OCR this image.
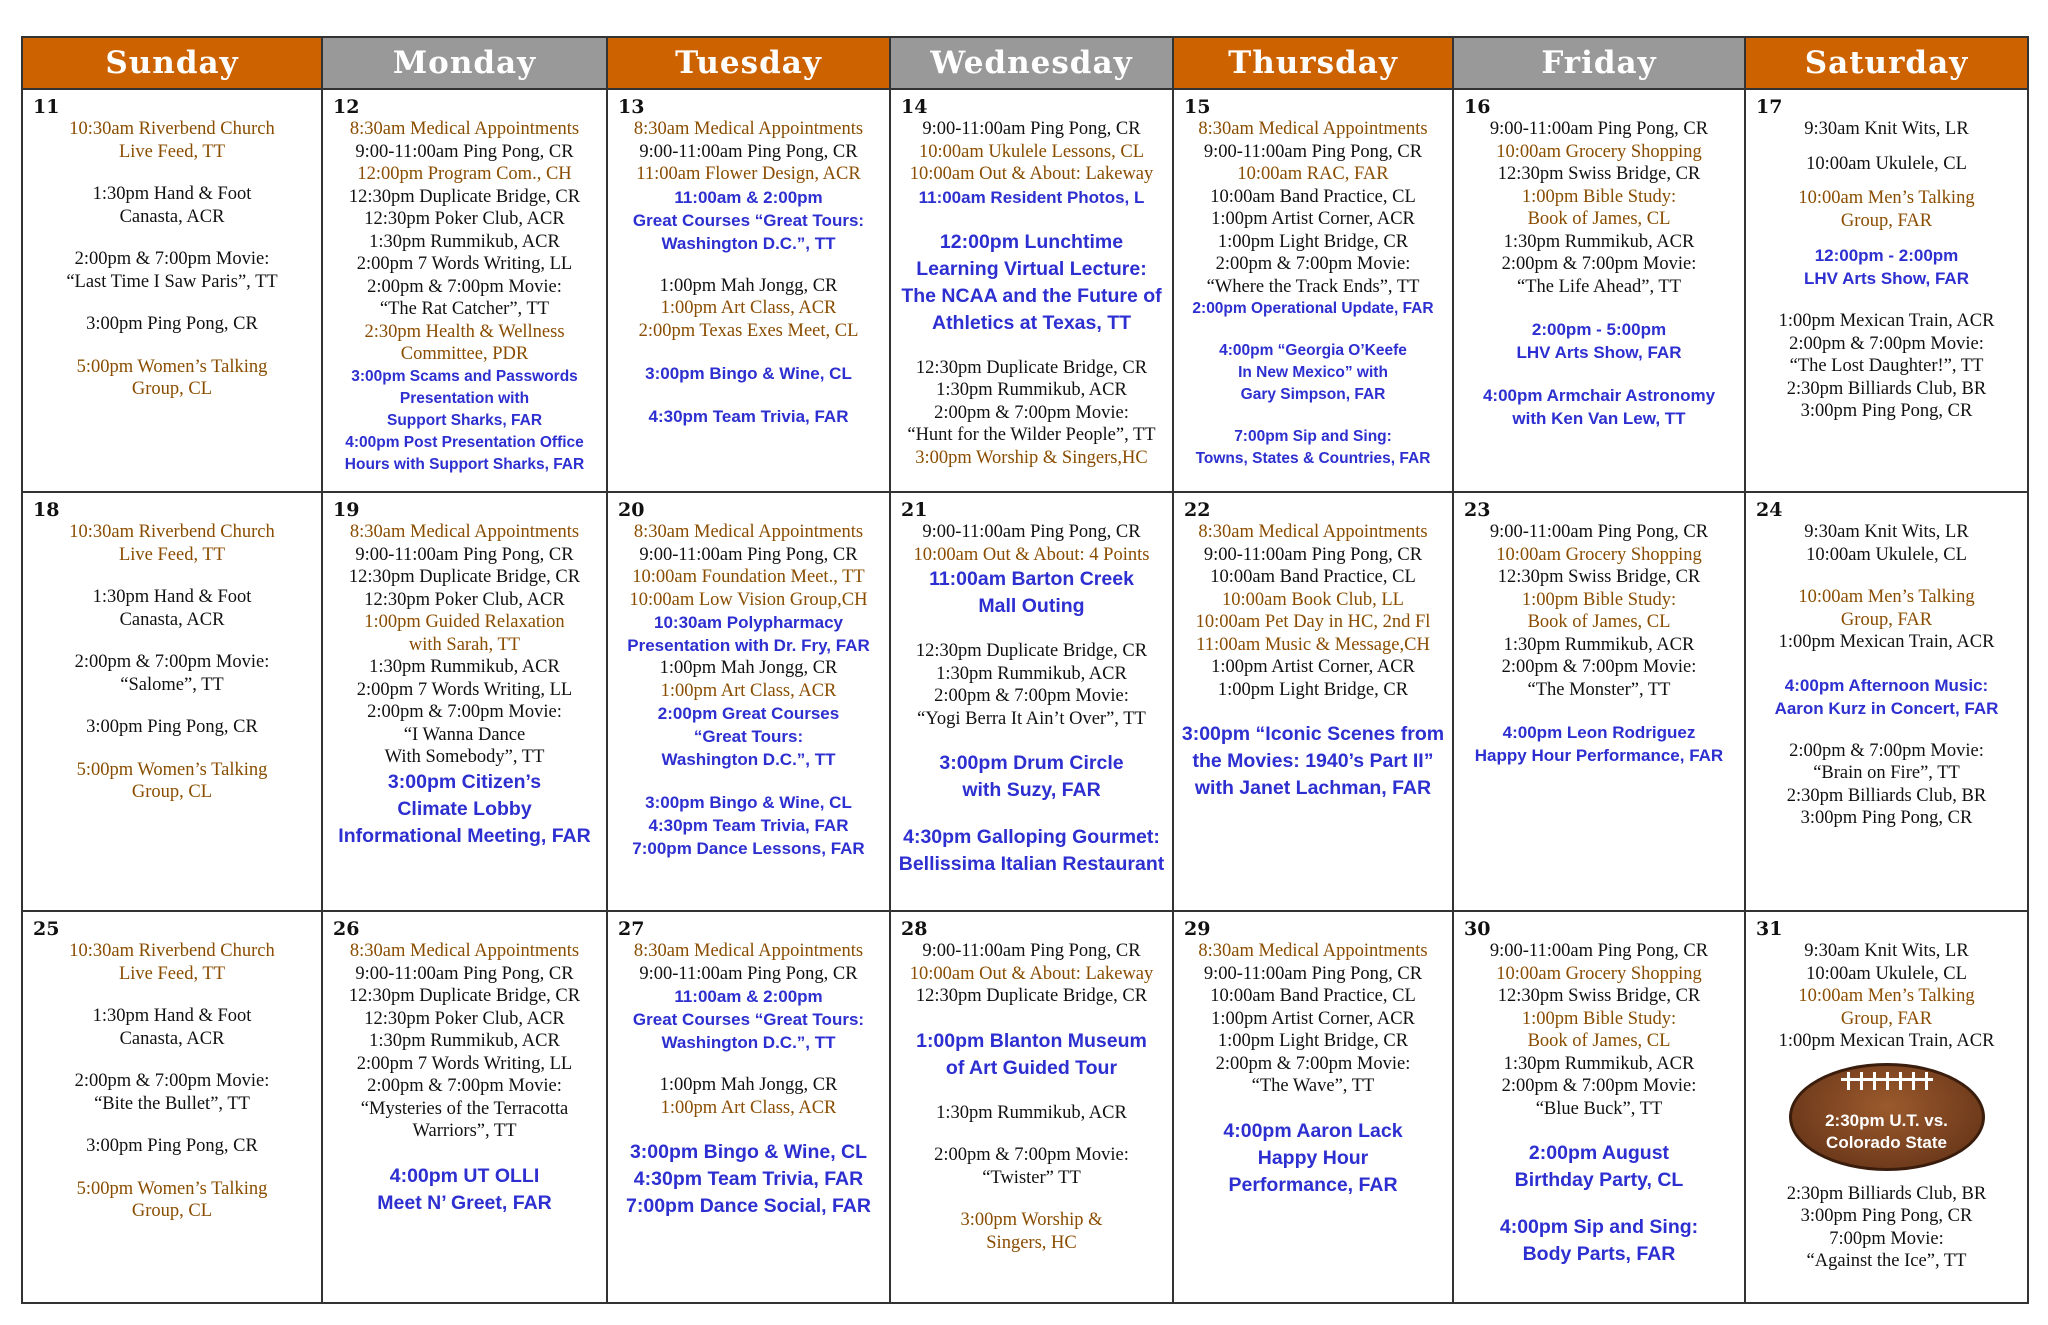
Sunday	Monday	Tuesday	Wednesday	Thursday	Friday	Saturday
11
10:30am Riverbend Church
Live Feed, TT
1:30pm Hand & Foot
Canasta, ACR
2:00pm & 7:00pm Movie:
“Last Time I Saw Paris”, TT
3:00pm Ping Pong, CR
5:00pm Women’s Talking
Group, CL
12
8:30am Medical Appointments
9:00-11:00am Ping Pong, CR
12:00pm Program Com., CH
12:30pm Duplicate Bridge, CR
12:30pm Poker Club, ACR
1:30pm Rummikub, ACR
2:00pm 7 Words Writing, LL
2:00pm & 7:00pm Movie:
“The Rat Catcher”, TT
2:30pm Health & Wellness
Committee, PDR
3:00pm Scams and Passwords
Presentation with
Support Sharks, FAR
4:00pm Post Presentation Office
Hours with Support Sharks, FAR
13
8:30am Medical Appointments
9:00-11:00am Ping Pong, CR
11:00am Flower Design, ACR
11:00am & 2:00pm
Great Courses “Great Tours:
Washington D.C.”, TT
1:00pm Mah Jongg, CR
1:00pm Art Class, ACR
2:00pm Texas Exes Meet, CL
3:00pm Bingo & Wine, CL
4:30pm Team Trivia, FAR
14
9:00-11:00am Ping Pong, CR
10:00am Ukulele Lessons, CL
10:00am Out & About: Lakeway
11:00am Resident Photos, L
12:00pm Lunchtime
Learning Virtual Lecture:
The NCAA and the Future of
Athletics at Texas, TT
12:30pm Duplicate Bridge, CR
1:30pm Rummikub, ACR
2:00pm & 7:00pm Movie:
“Hunt for the Wilder People”, TT
3:00pm Worship & Singers,HC
15
8:30am Medical Appointments
9:00-11:00am Ping Pong, CR
10:00am RAC, FAR
10:00am Band Practice, CL
1:00pm Artist Corner, ACR
1:00pm Light Bridge, CR
2:00pm & 7:00pm Movie:
“Where the Track Ends”, TT
2:00pm Operational Update, FAR
4:00pm “Georgia O’Keefe
In New Mexico” with
Gary Simpson, FAR
7:00pm Sip and Sing:
Towns, States & Countries, FAR
16
9:00-11:00am Ping Pong, CR
10:00am Grocery Shopping
12:30pm Swiss Bridge, CR
1:00pm Bible Study:
Book of James, CL
1:30pm Rummikub, ACR
2:00pm & 7:00pm Movie:
“The Life Ahead”, TT
2:00pm - 5:00pm
LHV Arts Show, FAR
4:00pm Armchair Astronomy
with Ken Van Lew, TT
17
9:30am Knit Wits, LR
10:00am Ukulele, CL
10:00am Men’s Talking
Group, FAR
12:00pm - 2:00pm
LHV Arts Show, FAR
1:00pm Mexican Train, ACR
2:00pm & 7:00pm Movie:
“The Lost Daughter!”, TT
2:30pm Billiards Club, BR
3:00pm Ping Pong, CR
18
10:30am Riverbend Church
Live Feed, TT
1:30pm Hand & Foot
Canasta, ACR
2:00pm & 7:00pm Movie:
“Salome”, TT
3:00pm Ping Pong, CR
5:00pm Women’s Talking
Group, CL
19
8:30am Medical Appointments
9:00-11:00am Ping Pong, CR
12:30pm Duplicate Bridge, CR
12:30pm Poker Club, ACR
1:00pm Guided Relaxation
with Sarah, TT
1:30pm Rummikub, ACR
2:00pm 7 Words Writing, LL
2:00pm & 7:00pm Movie:
“I Wanna Dance
With Somebody”, TT
3:00pm Citizen’s
Climate Lobby
Informational Meeting, FAR
20
8:30am Medical Appointments
9:00-11:00am Ping Pong, CR
10:00am Foundation Meet., TT
10:00am Low Vision Group,CH
10:30am Polypharmacy
Presentation with Dr. Fry, FAR
1:00pm Mah Jongg, CR
1:00pm Art Class, ACR
2:00pm Great Courses
“Great Tours:
Washington D.C.”, TT
3:00pm Bingo & Wine, CL
4:30pm Team Trivia, FAR
7:00pm Dance Lessons, FAR
21
9:00-11:00am Ping Pong, CR
10:00am Out & About: 4 Points
11:00am Barton Creek
Mall Outing
12:30pm Duplicate Bridge, CR
1:30pm Rummikub, ACR
2:00pm & 7:00pm Movie:
“Yogi Berra It Ain’t Over”, TT
3:00pm Drum Circle
with Suzy, FAR
4:30pm Galloping Gourmet:
Bellissima Italian Restaurant
22
8:30am Medical Appointments
9:00-11:00am Ping Pong, CR
10:00am Band Practice, CL
10:00am Book Club, LL
10:00am Pet Day in HC, 2nd Fl
11:00am Music & Message,CH
1:00pm Artist Corner, ACR
1:00pm Light Bridge, CR
3:00pm “Iconic Scenes from
the Movies: 1940’s Part II”
with Janet Lachman, FAR
23
9:00-11:00am Ping Pong, CR
10:00am Grocery Shopping
12:30pm Swiss Bridge, CR
1:00pm Bible Study:
Book of James, CL
1:30pm Rummikub, ACR
2:00pm & 7:00pm Movie:
“The Monster”, TT
4:00pm Leon Rodriguez
Happy Hour Performance, FAR
24
9:30am Knit Wits, LR
10:00am Ukulele, CL
10:00am Men’s Talking
Group, FAR
1:00pm Mexican Train, ACR
4:00pm Afternoon Music:
Aaron Kurz in Concert, FAR
2:00pm & 7:00pm Movie:
“Brain on Fire”, TT
2:30pm Billiards Club, BR
3:00pm Ping Pong, CR
25
10:30am Riverbend Church
Live Feed, TT
1:30pm Hand & Foot
Canasta, ACR
2:00pm & 7:00pm Movie:
“Bite the Bullet”, TT
3:00pm Ping Pong, CR
5:00pm Women’s Talking
Group, CL
26
8:30am Medical Appointments
9:00-11:00am Ping Pong, CR
12:30pm Duplicate Bridge, CR
12:30pm Poker Club, ACR
1:30pm Rummikub, ACR
2:00pm 7 Words Writing, LL
2:00pm & 7:00pm Movie:
“Mysteries of the Terracotta
Warriors”, TT
4:00pm UT OLLI
Meet N’ Greet, FAR
27
8:30am Medical Appointments
9:00-11:00am Ping Pong, CR
11:00am & 2:00pm
Great Courses “Great Tours:
Washington D.C.”, TT
1:00pm Mah Jongg, CR
1:00pm Art Class, ACR
3:00pm Bingo & Wine, CL
4:30pm Team Trivia, FAR
7:00pm Dance Social, FAR
28
9:00-11:00am Ping Pong, CR
10:00am Out & About: Lakeway
12:30pm Duplicate Bridge, CR
1:00pm Blanton Museum
of Art Guided Tour
1:30pm Rummikub, ACR
2:00pm & 7:00pm Movie:
“Twister” TT
3:00pm Worship &
Singers, HC
29
8:30am Medical Appointments
9:00-11:00am Ping Pong, CR
10:00am Band Practice, CL
1:00pm Artist Corner, ACR
1:00pm Light Bridge, CR
2:00pm & 7:00pm Movie:
“The Wave”, TT
4:00pm Aaron Lack
Happy Hour
Performance, FAR
30
9:00-11:00am Ping Pong, CR
10:00am Grocery Shopping
12:30pm Swiss Bridge, CR
1:00pm Bible Study:
Book of James, CL
1:30pm Rummikub, ACR
2:00pm & 7:00pm Movie:
“Blue Buck”, TT
2:00pm August
Birthday Party, CL
4:00pm Sip and Sing:
Body Parts, FAR
31
9:30am Knit Wits, LR
10:00am Ukulele, CL
10:00am Men’s Talking
Group, FAR
1:00pm Mexican Train, ACR
2:30pm U.T. vs.
Colorado State
2:30pm Billiards Club, BR
3:00pm Ping Pong, CR
7:00pm Movie:
“Against the Ice”, TT
